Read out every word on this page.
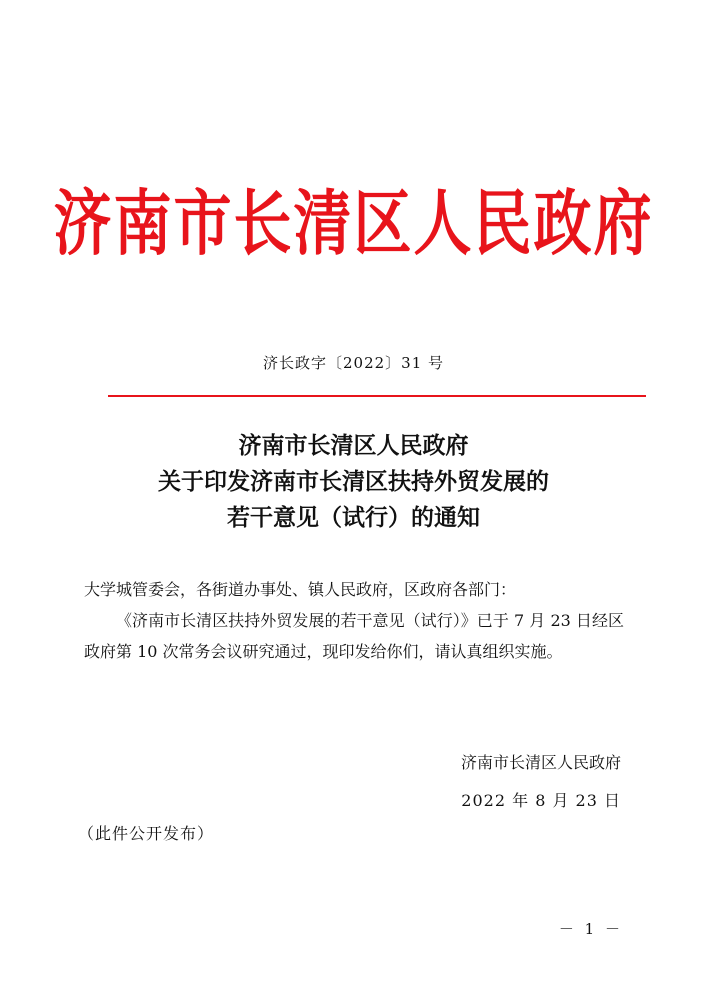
济南市长清区人民政府
济长政字〔2022〕31 号
济南市长清区人民政府
关于印发济南市长清区扶持外贸发展的
若干意见（试行）的通知
大学城管委会，各街道办事处、镇人民政府，区政府各部门：
《济南市长清区扶持外贸发展的若干意见（试行）》已于 7 月 23 日经区政府第 10 次常务会议研究通过，现印发给你们，请认真组织实施。
济南市长清区人民政府
2022 年 8 月 23 日
（此件公开发布）
－ 1 －
